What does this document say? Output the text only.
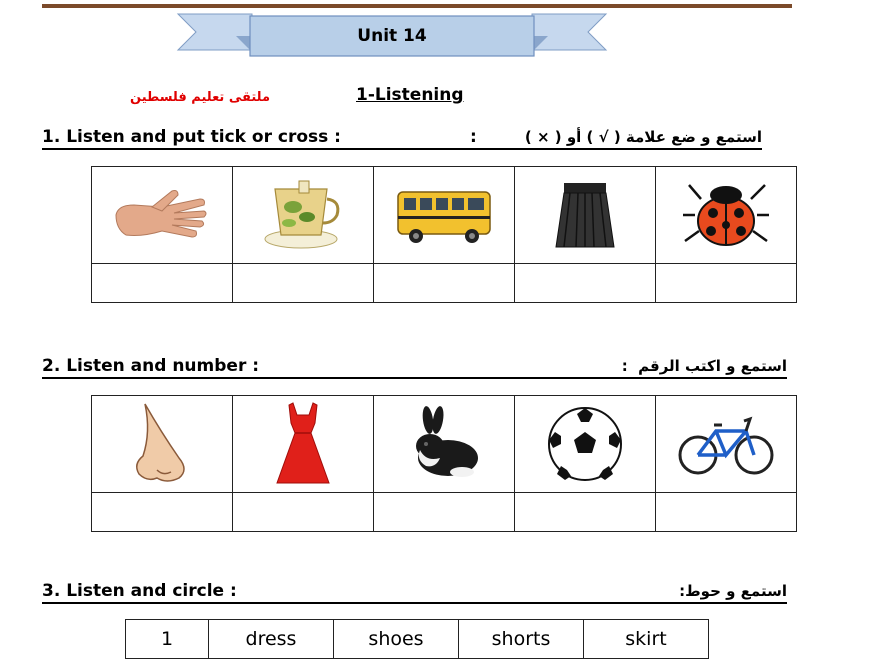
Unit 14
ملتقى تعليم فلسطين	1-Listening
1. Listen and put tick or cross :	:	استمع و ضع علامة ( √ ) أو ( × )

2. Listen and number :	استمع و اكتب الرقم  :

3. Listen and circle :	استمع و حوط:
1	dress	shoes	shorts	skirt
